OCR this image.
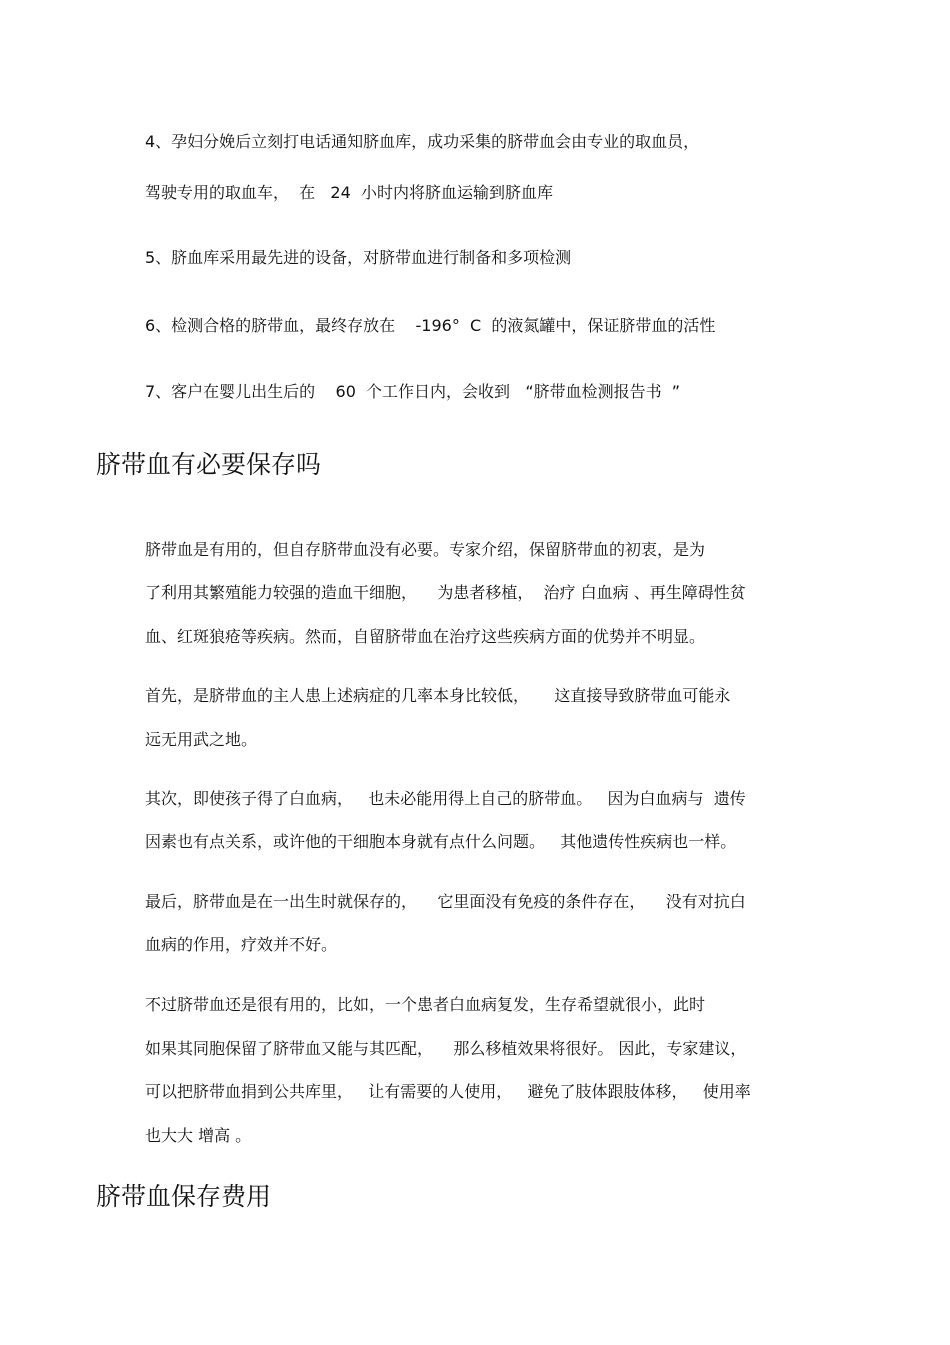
4、孕妇分娩后立刻打电话通知脐血库，成功采集的脐带血会由专业的取血员，
驾驶专用的取血车，  在   24  小时内将脐血运输到脐血库
5、脐血库采用最先进的设备，对脐带血进行制备和多项检测
6、检测合格的脐带血，最终存放在    -196°  C  的液氮罐中，保证脐带血的活性
7、客户在婴儿出生后的    60  个工作日内，会收到   “脐带血检测报告书  ”
脐带血有必要保存吗
脐带血是有用的，但自存脐带血没有必要。专家介绍，保留脐带血的初衷，是为
了利用其繁殖能力较强的造血干细胞，    为患者移植，  治疗 白血病 、再生障碍性贫
血、红斑狼疮等疾病。然而，自留脐带血在治疗这些疾病方面的优势并不明显。
首先，是脐带血的主人患上述病症的几率本身比较低，     这直接导致脐带血可能永
远无用武之地。
其次，即使孩子得了白血病，   也未必能用得上自己的脐带血。   因为白血病与  遗传
因素也有点关系，或许他的干细胞本身就有点什么问题。   其他遗传性疾病也一样。
最后，脐带血是在一出生时就保存的，    它里面没有免疫的条件存在，    没有对抗白
血病的作用，疗效并不好。
不过脐带血还是很有用的，比如，一个患者白血病复发，生存希望就很小，此时
如果其同胞保留了脐带血又能与其匹配，    那么移植效果将很好。 因此，专家建议，
可以把脐带血捐到公共库里，   让有需要的人使用，   避免了肢体跟肢体移，   使用率
也大大 增高 。
脐带血保存费用
